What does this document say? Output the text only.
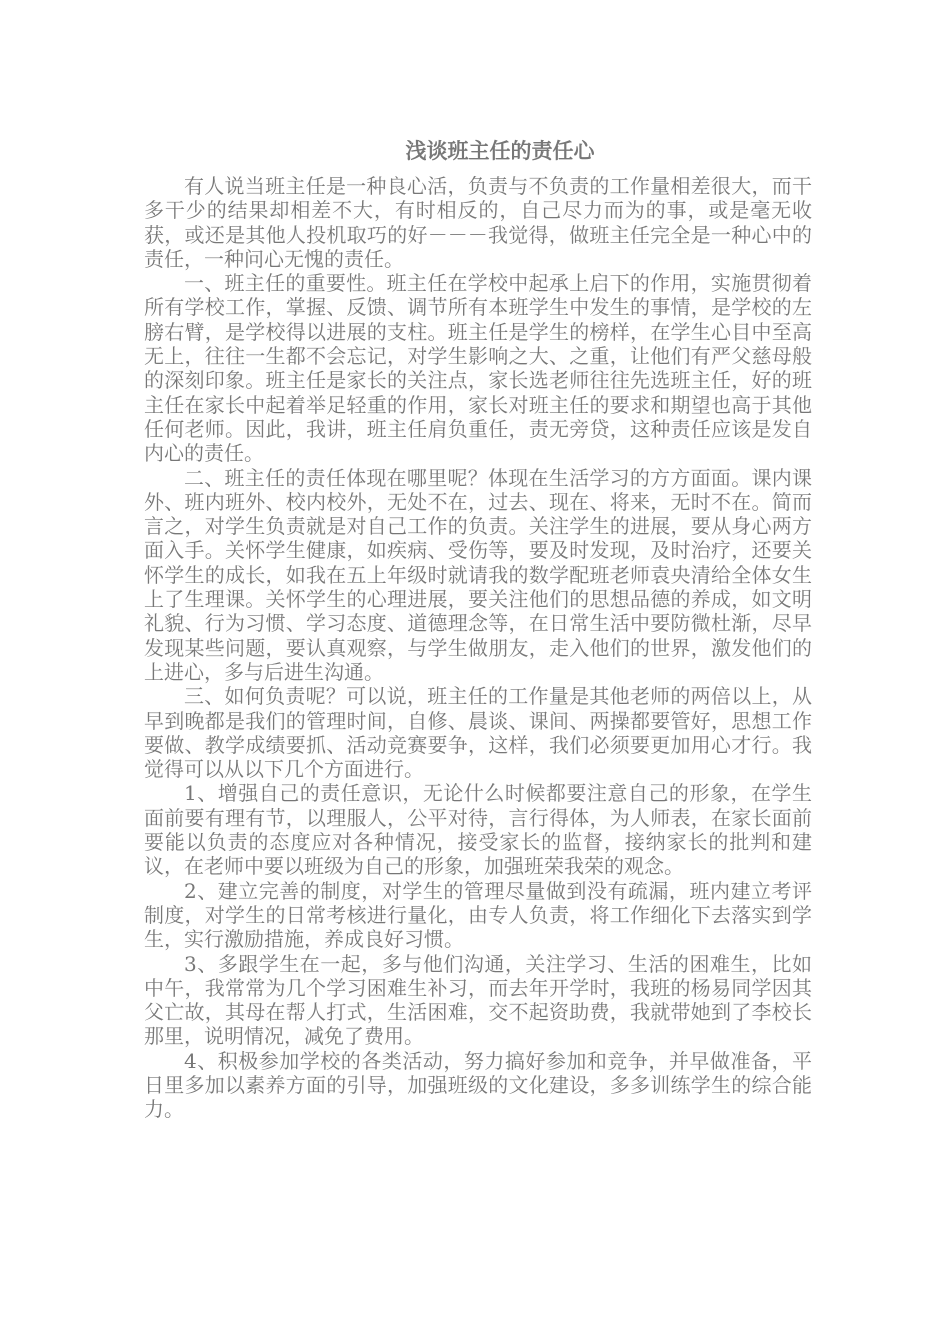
浅谈班主任的责任心

有人说当班主任是一种良心活，负责与不负责的工作量相差很大，而干多干少的结果却相差不大，有时相反的，自己尽力而为的事，或是毫无收获，或还是其他人投机取巧的好－－－我觉得，做班主任完全是一种心中的责任，一种问心无愧的责任。

一、班主任的重要性。班主任在学校中起承上启下的作用，实施贯彻着所有学校工作，掌握、反馈、调节所有本班学生中发生的事情，是学校的左膀右臂，是学校得以进展的支柱。班主任是学生的榜样，在学生心目中至高无上，往往一生都不会忘记，对学生影响之大、之重，让他们有严父慈母般的深刻印象。班主任是家长的关注点，家长选老师往往先选班主任，好的班主任在家长中起着举足轻重的作用，家长对班主任的要求和期望也高于其他任何老师。因此，我讲，班主任肩负重任，责无旁贷，这种责任应该是发自内心的责任。

二、班主任的责任体现在哪里呢？体现在生活学习的方方面面。课内课外、班内班外、校内校外，无处不在，过去、现在、将来，无时不在。简而言之，对学生负责就是对自己工作的负责。关注学生的进展，要从身心两方面入手。关怀学生健康，如疾病、受伤等，要及时发现，及时治疗，还要关怀学生的成长，如我在五上年级时就请我的数学配班老师袁央清给全体女生上了生理课。关怀学生的心理进展，要关注他们的思想品德的养成，如文明礼貌、行为习惯、学习态度、道德理念等，在日常生活中要防微杜渐，尽早发现某些问题，要认真观察，与学生做朋友，走入他们的世界，激发他们的上进心，多与后进生沟通。

三、如何负责呢？可以说，班主任的工作量是其他老师的两倍以上，从早到晚都是我们的管理时间，自修、晨谈、课间、两操都要管好，思想工作要做、教学成绩要抓、活动竞赛要争，这样，我们必须要更加用心才行。我觉得可以从以下几个方面进行。

1、增强自己的责任意识，无论什么时候都要注意自己的形象，在学生面前要有理有节，以理服人，公平对待，言行得体，为人师表，在家长面前要能以负责的态度应对各种情况，接受家长的监督，接纳家长的批判和建议，在老师中要以班级为自己的形象，加强班荣我荣的观念。

2、建立完善的制度，对学生的管理尽量做到没有疏漏，班内建立考评制度，对学生的日常考核进行量化，由专人负责，将工作细化下去落实到学生，实行激励措施，养成良好习惯。

3、多跟学生在一起，多与他们沟通，关注学习、生活的困难生，比如中午，我常常为几个学习困难生补习，而去年开学时，我班的杨易同学因其父亡故，其母在帮人打式，生活困难，交不起资助费，我就带她到了李校长那里，说明情况，减免了费用。

4、积极参加学校的各类活动，努力搞好参加和竞争，并早做准备，平日里多加以素养方面的引导，加强班级的文化建设，多多训练学生的综合能力。
